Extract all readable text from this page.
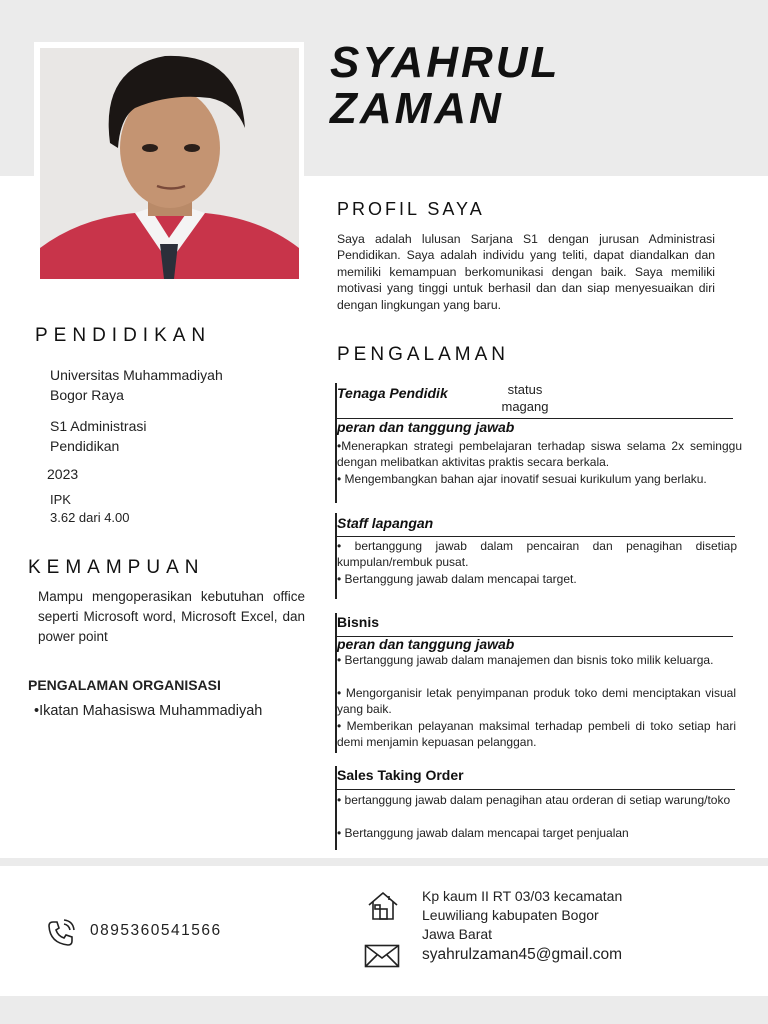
SYAHRUL
ZAMAN
PROFIL SAYA
Saya adalah lulusan Sarjana S1 dengan jurusan Administrasi Pendidikan. Saya adalah individu yang teliti, dapat diandalkan dan memiliki kemampuan berkomunikasi dengan baik. Saya memiliki motivasi yang tinggi untuk berhasil dan dan siap menyesuaikan diri dengan lingkungan yang baru.
PENDIDIKAN
Universitas Muhammadiyah
Bogor Raya
S1 Administrasi
Pendidikan
2023
IPK
3.62 dari 4.00
KEMAMPUAN
Mampu mengoperasikan kebutuhan office seperti Microsoft word, Microsoft Excel, dan power point
PENGALAMAN ORGANISASI
•Ikatan Mahasiswa Muhammadiyah
PENGALAMAN
Tenaga Pendidik	status
magang
peran dan tanggung jawab
•Menerapkan strategi pembelajaran terhadap siswa selama 2x seminggu dengan melibatkan aktivitas praktis secara berkala.
• Mengembangkan bahan ajar inovatif sesuai kurikulum yang berlaku.
Staff lapangan
• bertanggung jawab dalam pencairan dan penagihan disetiap kumpulan/rembuk pusat.
• Bertanggung jawab dalam mencapai target.
Bisnis
peran dan tanggung jawab
• Bertanggung jawab dalam manajemen dan bisnis toko milik keluarga.
• Mengorganisir letak penyimpanan produk toko demi menciptakan visual yang baik.
• Memberikan pelayanan maksimal terhadap pembeli di toko setiap hari demi menjamin kepuasan pelanggan.
Sales Taking Order
• bertanggung jawab dalam penagihan atau orderan di setiap warung/toko
• Bertanggung jawab dalam mencapai target penjualan
0895360541566
Kp kaum II RT 03/03 kecamatan
Leuwiliang kabupaten Bogor
Jawa Barat
syahrulzaman45@gmail.com
